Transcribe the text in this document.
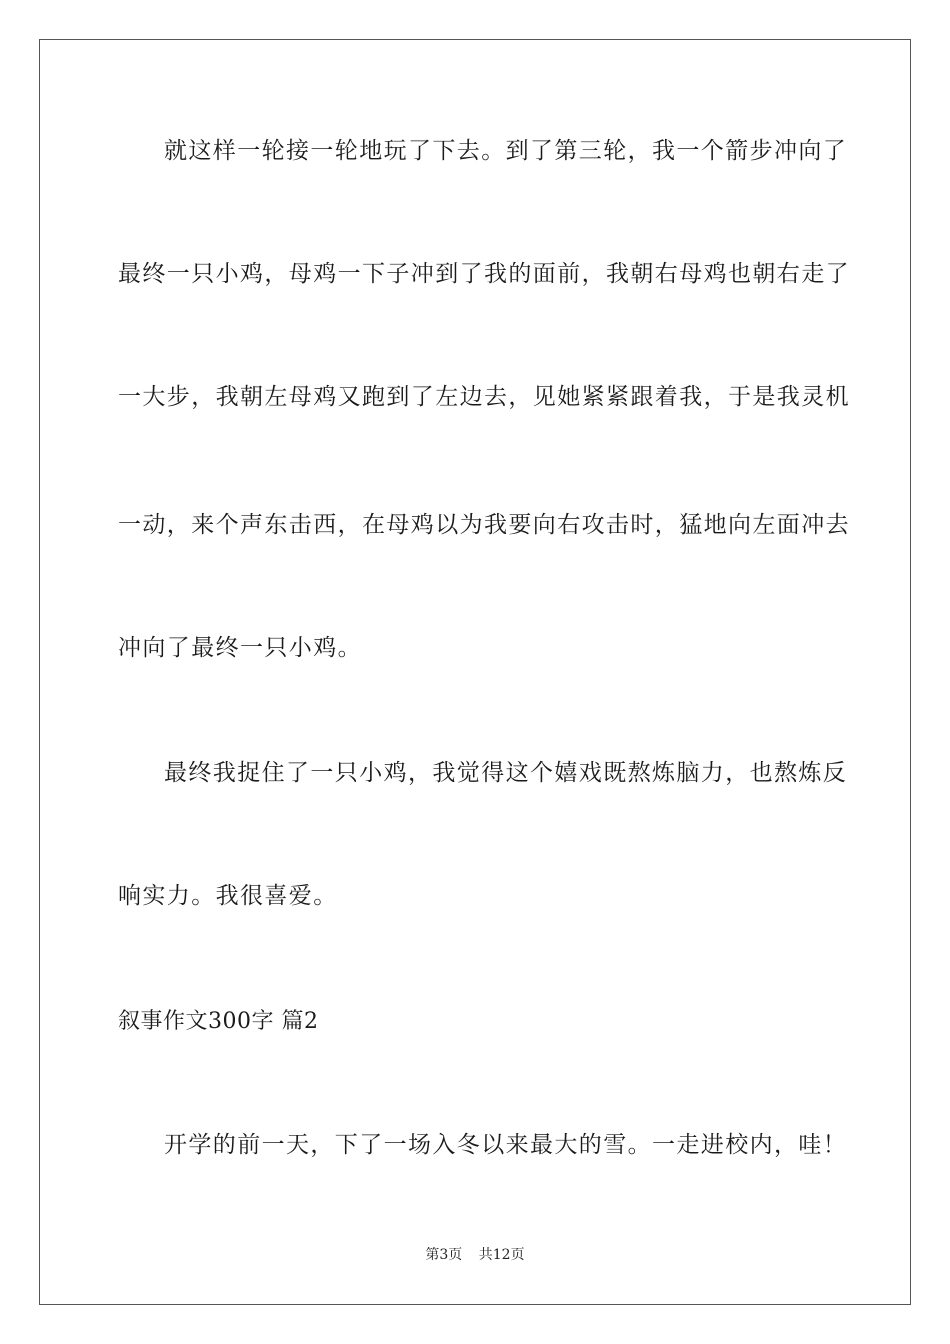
就这样一轮接一轮地玩了下去。到了第三轮，我一个箭步冲向了
最终一只小鸡，母鸡一下子冲到了我的面前，我朝右母鸡也朝右走了
一大步，我朝左母鸡又跑到了左边去，见她紧紧跟着我，于是我灵机
一动，来个声东击西，在母鸡以为我要向右攻击时，猛地向左面冲去
冲向了最终一只小鸡。
最终我捉住了一只小鸡，我觉得这个嬉戏既熬炼脑力，也熬炼反
响实力。我很喜爱。
叙事作文300字 篇2
开学的前一天，下了一场入冬以来最大的雪。一走进校内，哇！
第3页 共12页
